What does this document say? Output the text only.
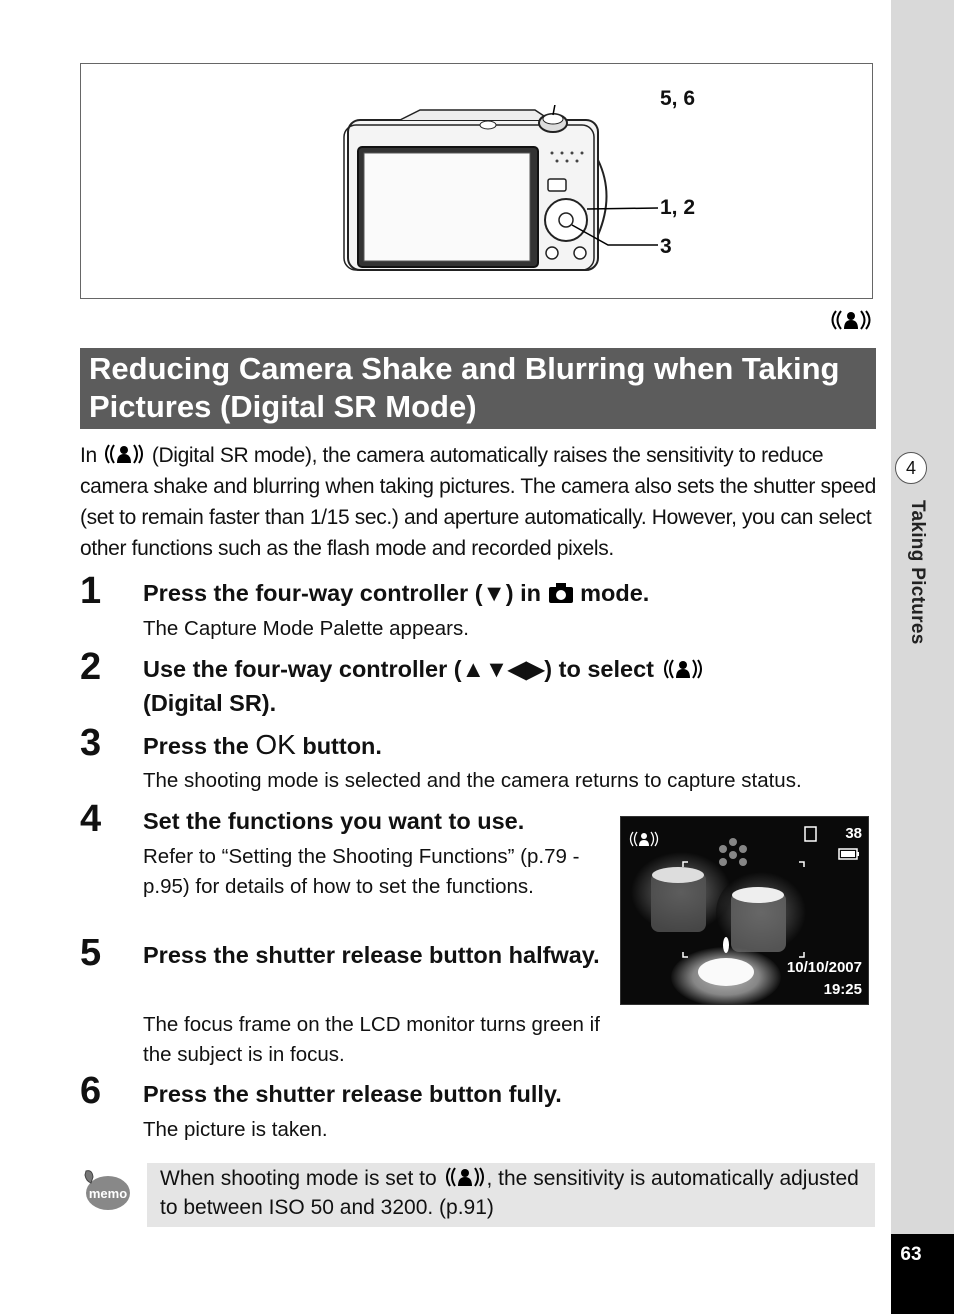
4
Taking Pictures
63
5, 6
1, 2
3
Reducing Camera Shake and Blurring when Taking Pictures (Digital SR Mode)
In	(Digital SR mode), the camera automatically raises the sensitivity to reduce camera shake and blurring when taking pictures. The camera also sets the shutter speed (set to remain faster than 1/15 sec.) and aperture automatically. However, you can select other functions such as the flash mode and recorded pixels.
1 Press the four-way controller (▼) in mode.
The Capture Mode Palette appears.
2 Use the four-way controller (▲▼◀▶) to select
(Digital SR).
3 Press the OK button.
The shooting mode is selected and the camera returns to capture status.
4 Set the functions you want to use.
Refer to “Setting the Shooting Functions” (p.79 - p.95) for details of how to set the functions.
5 Press the shutter release button halfway.
The focus frame on the LCD monitor turns green if the subject is in focus.
6 Press the shutter release button fully.
The picture is taken.
38
10/10/2007
19:25
memo
When shooting mode is set to , the sensitivity is automatically adjusted to between ISO 50 and 3200. (p.91)
